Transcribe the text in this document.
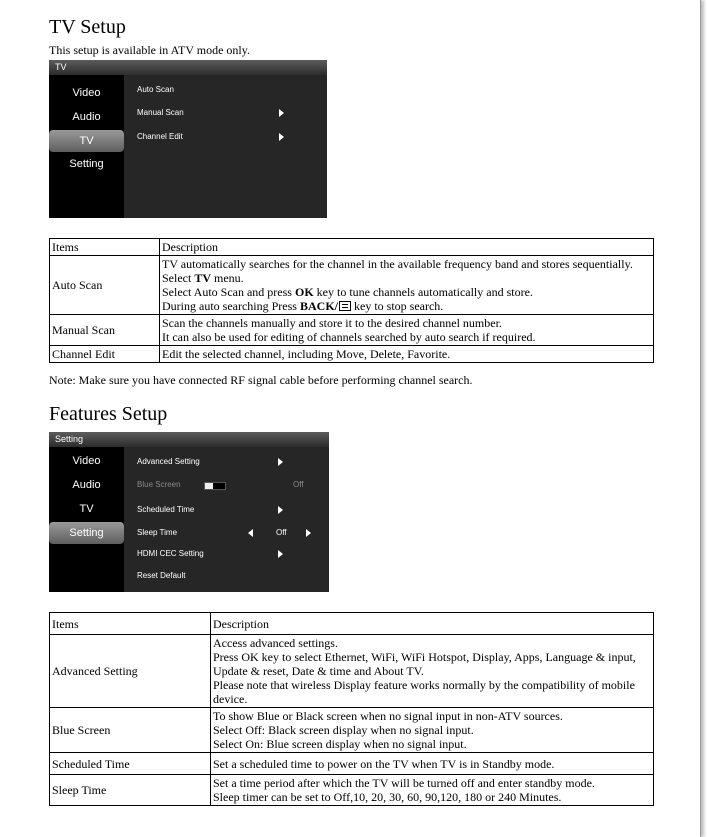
TV Setup
This setup is available in ATV mode only.
TV
Video
Audio
TV
Setting
Auto Scan
Manual Scan
Channel Edit
Items	Description
Auto Scan	TV automatically searches for the channel in the available frequency band and stores sequentially.
Select TV menu.
Select Auto Scan and press OK key to tune channels automatically and store.
During auto searching Press BACK/ key to stop search.

Manual Scan	Scan the channels manually and store it to the desired channel number.
It can also be used for editing of channels searched by auto search if required.

Channel Edit	Edit the selected channel, including Move, Delete, Favorite.
Note: Make sure you have connected RF signal cable before performing channel search.
Features Setup
Setting
Video
Audio
TV
Setting
Advanced Setting
Blue Screen	Off
Scheduled Time
Sleep Time	Off
HDMI CEC Setting
Reset Default
Items	Description
Advanced Setting	Access advanced settings.
Press OK key to select Ethernet, WiFi, WiFi Hotspot, Display, Apps, Language & input,
Update & reset, Date & time and About TV.
Please note that wireless Display feature works normally by the compatibility of mobile
device.

Blue Screen	To show Blue or Black screen when no signal input in non-ATV sources.
Select Off: Black screen display when no signal input.
Select On: Blue screen display when no signal input.

Scheduled Time	Set a scheduled time to power on the TV when TV is in Standby mode.

Sleep Time	Set a time period after which the TV will be turned off and enter standby mode.
Sleep timer can be set to Off,10, 20, 30, 60, 90,120, 180 or 240 Minutes.
